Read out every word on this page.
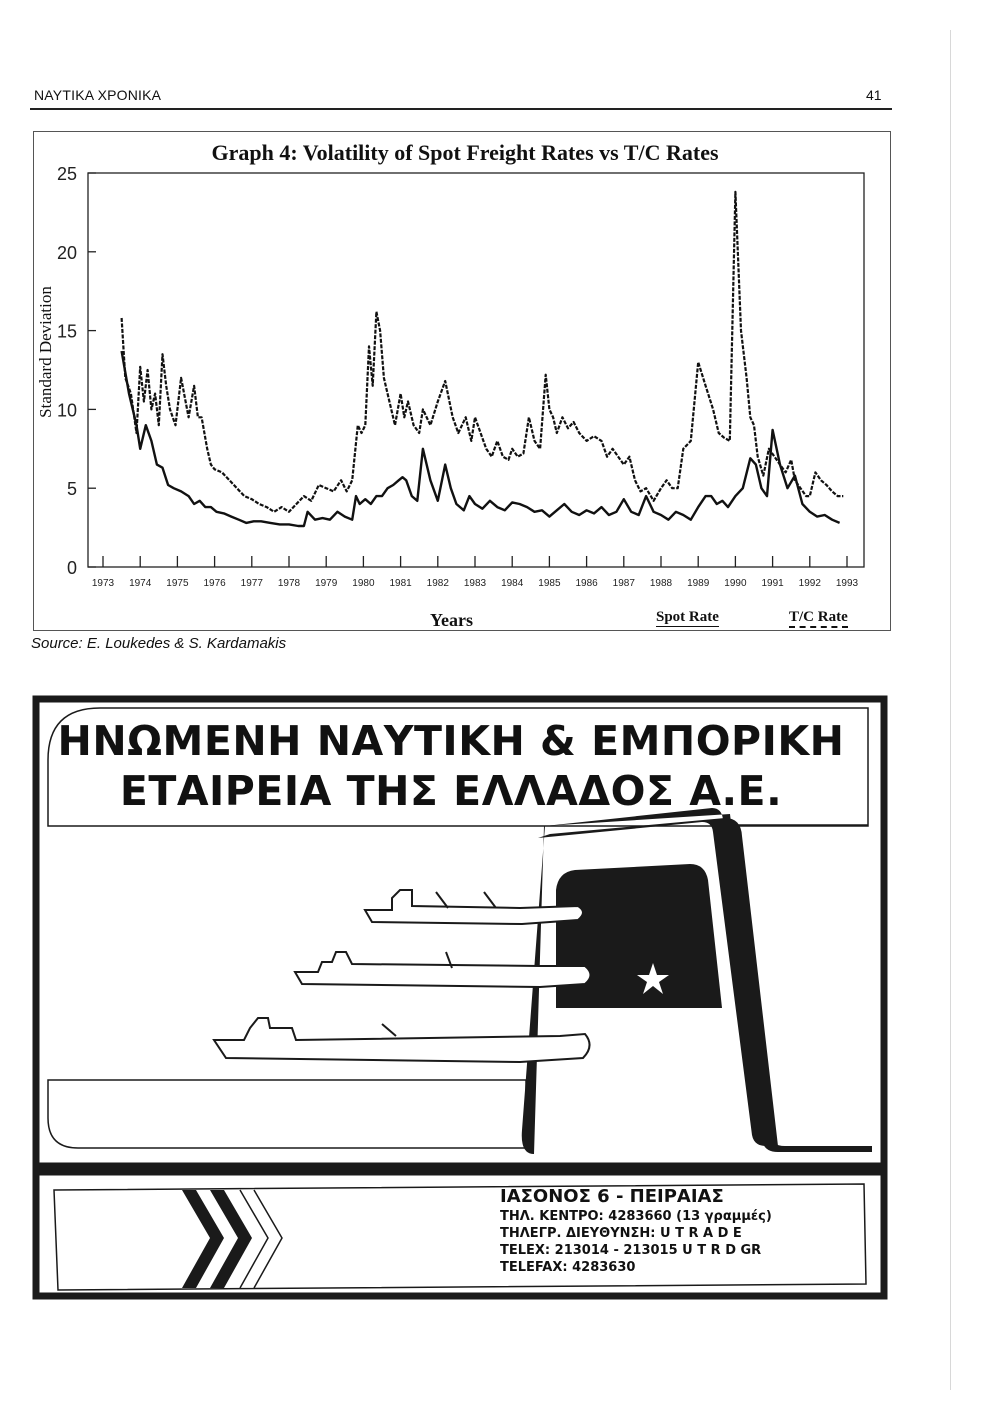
ΝΑΥΤΙΚΑ ΧΡΟΝΙΚΑ	41
Graph 4: Volatility of Spot Freight Rates vs T/C Rates
Standard Deviation
0
5
10
15
20
25
1973 1974 1975 1976 1977 1978 1979 1980 1981 1982 1983 1984 1985 1986 1987 1988 1989 1990 1991 1992 1993
Years	Spot Rate	T/C Rate
Source: E. Loukedes & S. Kardamakis
ΗΝΩΜΕΝΗ ΝΑΥΤΙΚΗ & ΕΜΠΟΡΙΚΗ
ΕΤΑΙΡΕΙΑ ΤΗΣ ΕΛΛΑΔΟΣ Α.Ε.
ΙΑΣΟΝΟΣ 6 - ΠΕΙΡΑΙΑΣ
ΤΗΛ. ΚΕΝΤΡΟ: 4283660 (13 γραμμές)
ΤΗΛΕΓΡ. ΔΙΕΥΘΥΝΣΗ: U T R A D E
TELEX: 213014 - 213015 U T R D GR
TELEFAX: 4283630
